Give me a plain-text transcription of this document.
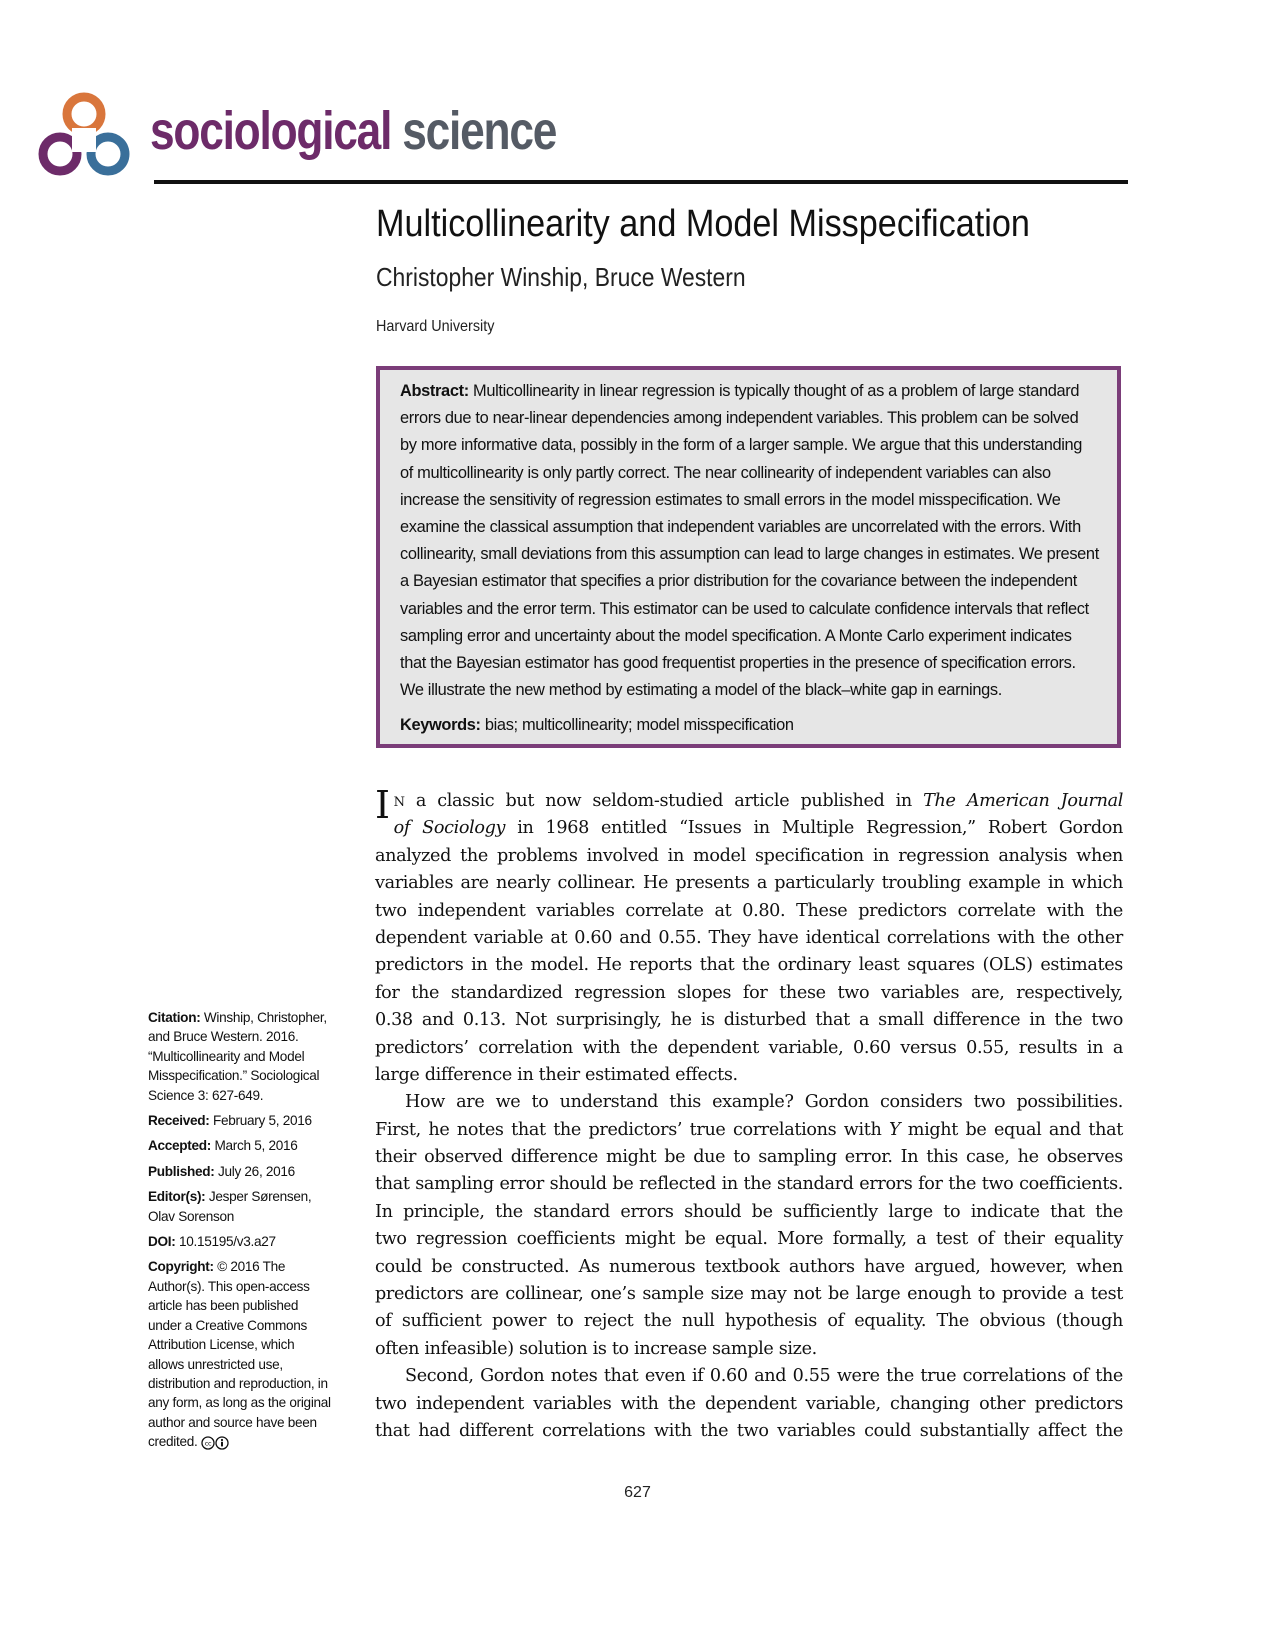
sociological science
Multicollinearity and Model Misspecification
Christopher Winship, Bruce Western
Harvard University
Abstract: Multicollinearity in linear regression is typically thought of as a problem of large standard
errors due to near-linear dependencies among independent variables. This problem can be solved
by more informative data, possibly in the form of a larger sample. We argue that this understanding
of multicollinearity is only partly correct. The near collinearity of independent variables can also
increase the sensitivity of regression estimates to small errors in the model misspecification. We
examine the classical assumption that independent variables are uncorrelated with the errors. With
collinearity, small deviations from this assumption can lead to large changes in estimates. We present
a Bayesian estimator that specifies a prior distribution for the covariance between the independent
variables and the error term. This estimator can be used to calculate confidence intervals that reflect
sampling error and uncertainty about the model specification. A Monte Carlo experiment indicates
that the Bayesian estimator has good frequentist properties in the presence of specification errors.
We illustrate the new method by estimating a model of the black–white gap in earnings.
Keywords: bias; multicollinearity; model misspecification
I N a classic but now seldom-studied article published in The American Journal
of Sociology in 1968 entitled “Issues in Multiple Regression,” Robert Gordon
analyzed the problems involved in model specification in regression analysis when
variables are nearly collinear. He presents a particularly troubling example in which
two independent variables correlate at 0.80. These predictors correlate with the
dependent variable at 0.60 and 0.55. They have identical correlations with the other
predictors in the model. He reports that the ordinary least squares (OLS) estimates
for the standardized regression slopes for these two variables are, respectively,
0.38 and 0.13. Not surprisingly, he is disturbed that a small difference in the two
predictors’ correlation with the dependent variable, 0.60 versus 0.55, results in a
large difference in their estimated effects.
How are we to understand this example? Gordon considers two possibilities.
First, he notes that the predictors’ true correlations with Y might be equal and that
their observed difference might be due to sampling error. In this case, he observes
that sampling error should be reflected in the standard errors for the two coefficients.
In principle, the standard errors should be sufficiently large to indicate that the
two regression coefficients might be equal. More formally, a test of their equality
could be constructed. As numerous textbook authors have argued, however, when
predictors are collinear, one’s sample size may not be large enough to provide a test
of sufficient power to reject the null hypothesis of equality. The obvious (though
often infeasible) solution is to increase sample size.
Second, Gordon notes that even if 0.60 and 0.55 were the true correlations of the
two independent variables with the dependent variable, changing other predictors
that had different correlations with the two variables could substantially affect the

Citation: Winship, Christopher, and Bruce Western. 2016. “Multicollinearity and Model Misspecification.” Sociological Science 3: 627-649.

Received: February 5, 2016

Accepted: March 5, 2016

Published: July 26, 2016

Editor(s): Jesper Sørensen, Olav Sorenson

DOI: 10.15195/v3.a27

Copyright: © 2016 The Author(s). This open-access article has been published under a Creative Commons Attribution License, which allows unrestricted use, distribution and reproduction, in any form, as long as the original author and source have been credited. cc

627
